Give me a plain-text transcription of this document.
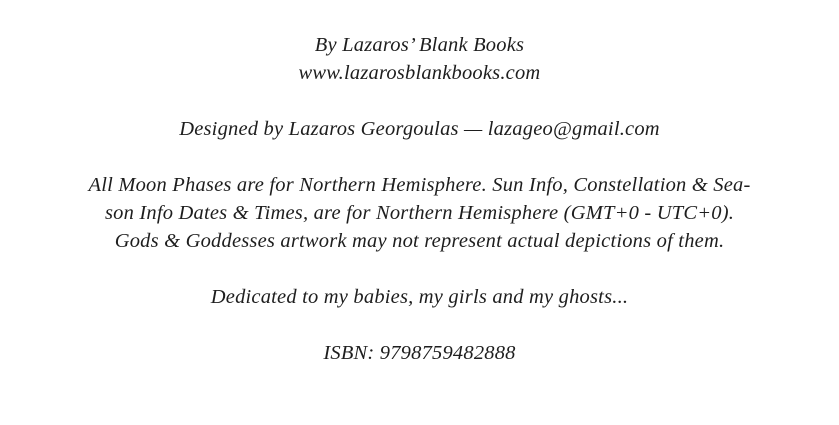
By Lazaros’ Blank Books
www.lazarosblankbooks.com
Designed by Lazaros Georgoulas — lazageo@gmail.com
All Moon Phases are for Northern Hemisphere. Sun Info, Constellation & Sea-
son Info Dates & Times, are for Northern Hemisphere (GMT+0 - UTC+0).
Gods & Goddesses artwork may not represent actual depictions of them.
Dedicated to my babies, my girls and my ghosts...
ISBN: 9798759482888
